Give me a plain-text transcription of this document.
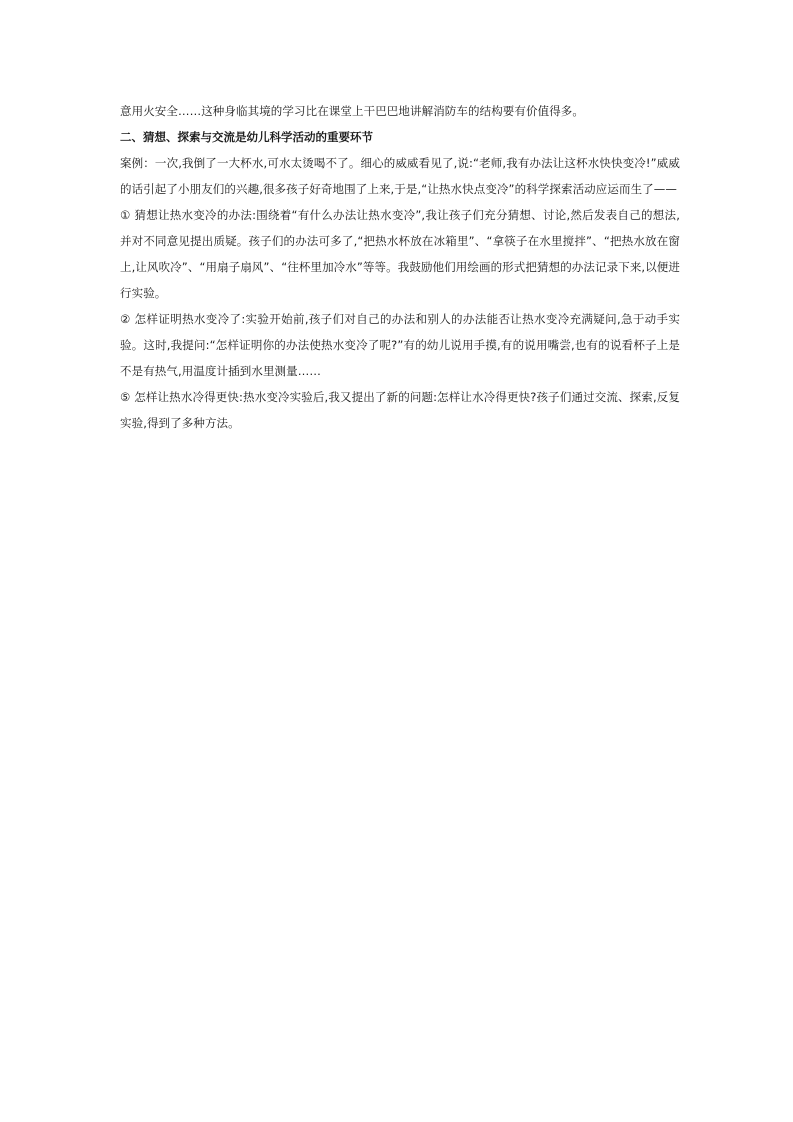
意用火安全……这种身临其境的学习比在课堂上干巴巴地讲解消防车的结构要有价值得多。

二、猜想、探索与交流是幼儿科学活动的重要环节

案例：一次,我倒了一大杯水,可水太烫喝不了。细心的威威看见了,说:“老师,我有办法让这杯水快快变冷!”威威的话引起了小朋友们的兴趣,很多孩子好奇地围了上来,于是,“让热水快点变冷”的科学探索活动应运而生了——

① 猜想让热水变冷的办法:围绕着“有什么办法让热水变冷”,我让孩子们充分猜想、讨论,然后发表自己的想法,并对不同意见提出质疑。孩子们的办法可多了,“把热水杯放在冰箱里”、“拿筷子在水里搅拌”、“把热水放在窗上,让风吹冷”、“用扇子扇风”、“往杯里加冷水”等等。我鼓励他们用绘画的形式把猜想的办法记录下来,以便进行实验。

② 怎样证明热水变冷了:实验开始前,孩子们对自己的办法和别人的办法能否让热水变冷充满疑问,急于动手实验。这时,我提问:“怎样证明你的办法使热水变冷了呢?”有的幼儿说用手摸,有的说用嘴尝,也有的说看杯子上是不是有热气,用温度计插到水里测量……

⑤ 怎样让热水冷得更快:热水变冷实验后,我又提出了新的问题:怎样让水冷得更快?孩子们通过交流、探索,反复实验,得到了多种方法。
